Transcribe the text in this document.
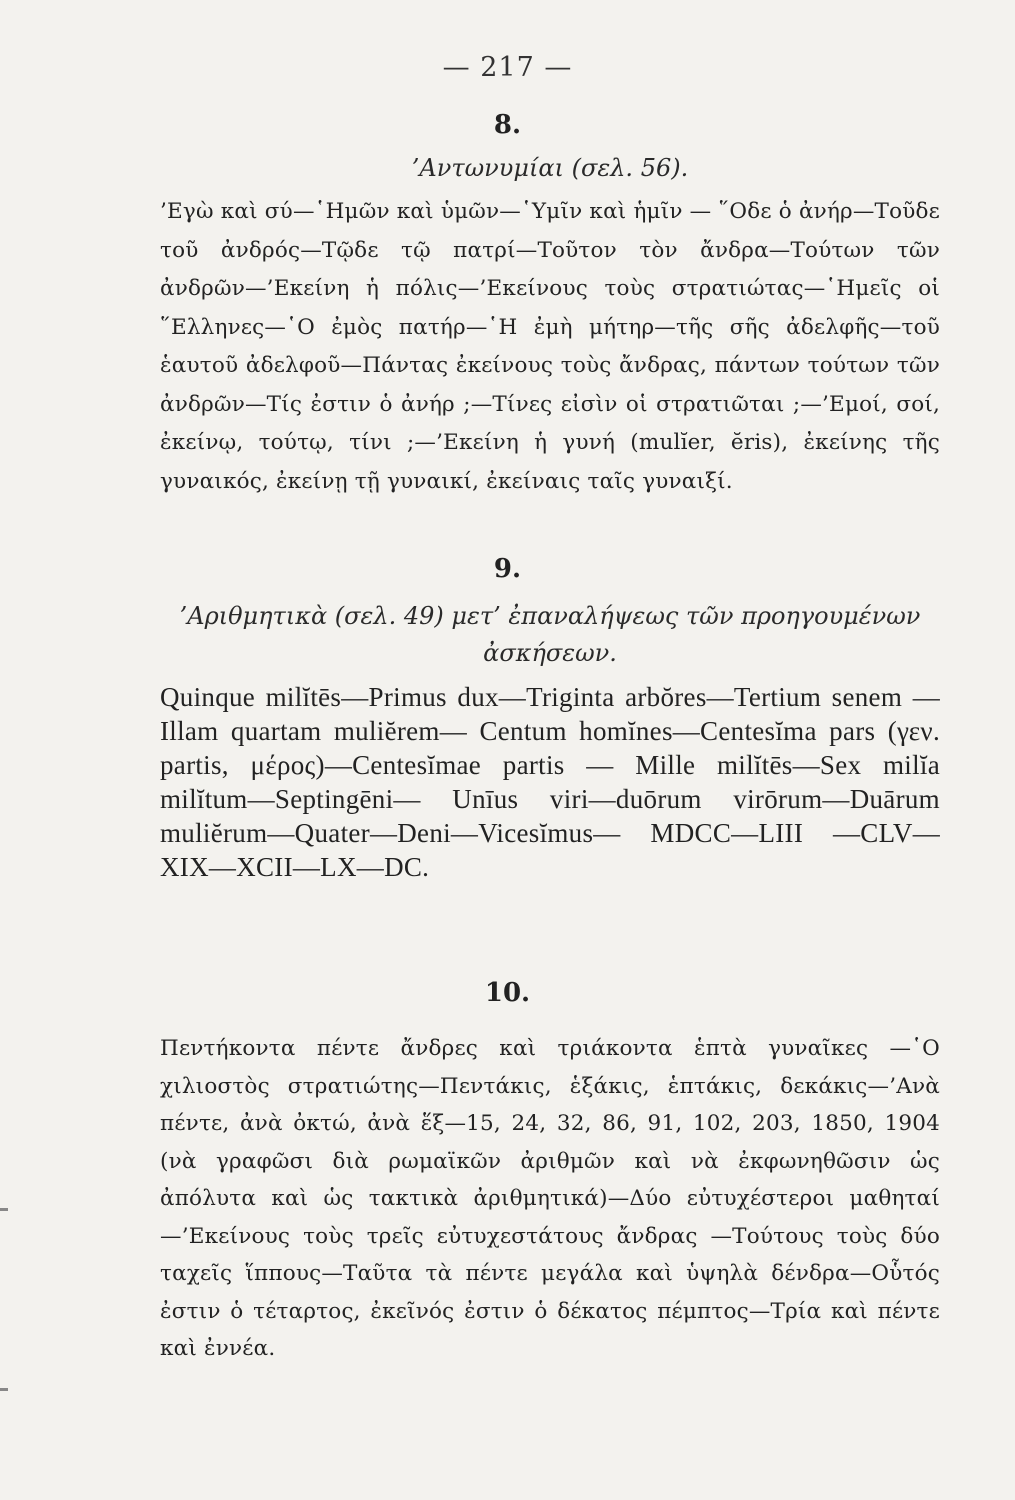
— 217 —
8.
’Αντωνυμίαι (σελ. 56).

’Εγὼ καὶ σύ—῾Ημῶν καὶ ὑμῶν—῾Υμῖν καὶ ἡμῖν — ῞Οδε ὁ ἀνήρ—Τοῦδε τοῦ ἀνδρός—Τῷδε τῷ πατρί—Τοῦτον τὸν ἄνδρα—Τούτων τῶν ἀνδρῶν—’Εκείνη ἡ πόλις—’Εκείνους τοὺς στρατιώτας—῾Ημεῖς οἱ ῞Ελληνες—῾Ο ἐμὸς πατήρ—῾Η ἐμὴ μήτηρ—τῆς σῆς ἀδελφῆς—τοῦ ἑαυτοῦ ἀδελφοῦ—Πάντας ἐκείνους τοὺς ἄνδρας, πάντων τούτων τῶν ἀνδρῶν—Τίς ἐστιν ὁ ἀνήρ ;—Τίνες εἰσὶν οἱ στρατιῶται ;—’Εμοί, σοί, ἐκείνῳ, τούτῳ, τίνι ;—’Εκείνη ἡ γυνή (mulĭer, ĕris), ἐκείνης τῆς γυναικός, ἐκείνῃ τῇ γυναικί, ἐκείναις ταῖς γυναιξί.

9.
’Αριθμητικὰ (σελ. 49) μετ’ ἐπαναλήψεως τῶν προηγουμένων ἀσκήσεων.

Quinque milĭtēs—Primus dux—Triginta arbŏres—Tertium senem —Illam quartam muliĕrem— Centum homĭnes—Centesĭma pars (γεν. partis, μέρος)—Centesĭmae partis — Mille milĭtēs—Sex milĭa milĭtum—Septingēni— Unīus viri—duōrum virōrum—Duārum muliĕrum—Quater—Deni—Vicesĭmus— MDCC—LIII —CLV—XIX—XCII—LX—DC.

10.

Πεντήκοντα πέντε ἄνδρες καὶ τριάκοντα ἑπτὰ γυναῖκες —῾Ο χιλιοστὸς στρατιώτης—Πεντάκις, ἑξάκις, ἑπτάκις, δεκάκις—’Ανὰ πέντε, ἀνὰ ὀκτώ, ἀνὰ ἕξ—15, 24, 32, 86, 91, 102, 203, 1850, 1904 (νὰ γραφῶσι διὰ ρωμαϊκῶν ἀριθμῶν καὶ νὰ ἐκφωνηθῶσιν ὡς ἀπόλυτα καὶ ὡς τακτικὰ ἀριθμητικά)—Δύο εὐτυχέστεροι μαθηταί—’Εκείνους τοὺς τρεῖς εὐτυχεστάτους ἄνδρας —Τούτους τοὺς δύο ταχεῖς ἵππους—Ταῦτα τὰ πέντε μεγάλα καὶ ὑψηλὰ δένδρα—Οὗτός ἐστιν ὁ τέταρτος, ἐκεῖνός ἐστιν ὁ δέκατος πέμπτος—Τρία καὶ πέντε καὶ ἐννέα.
